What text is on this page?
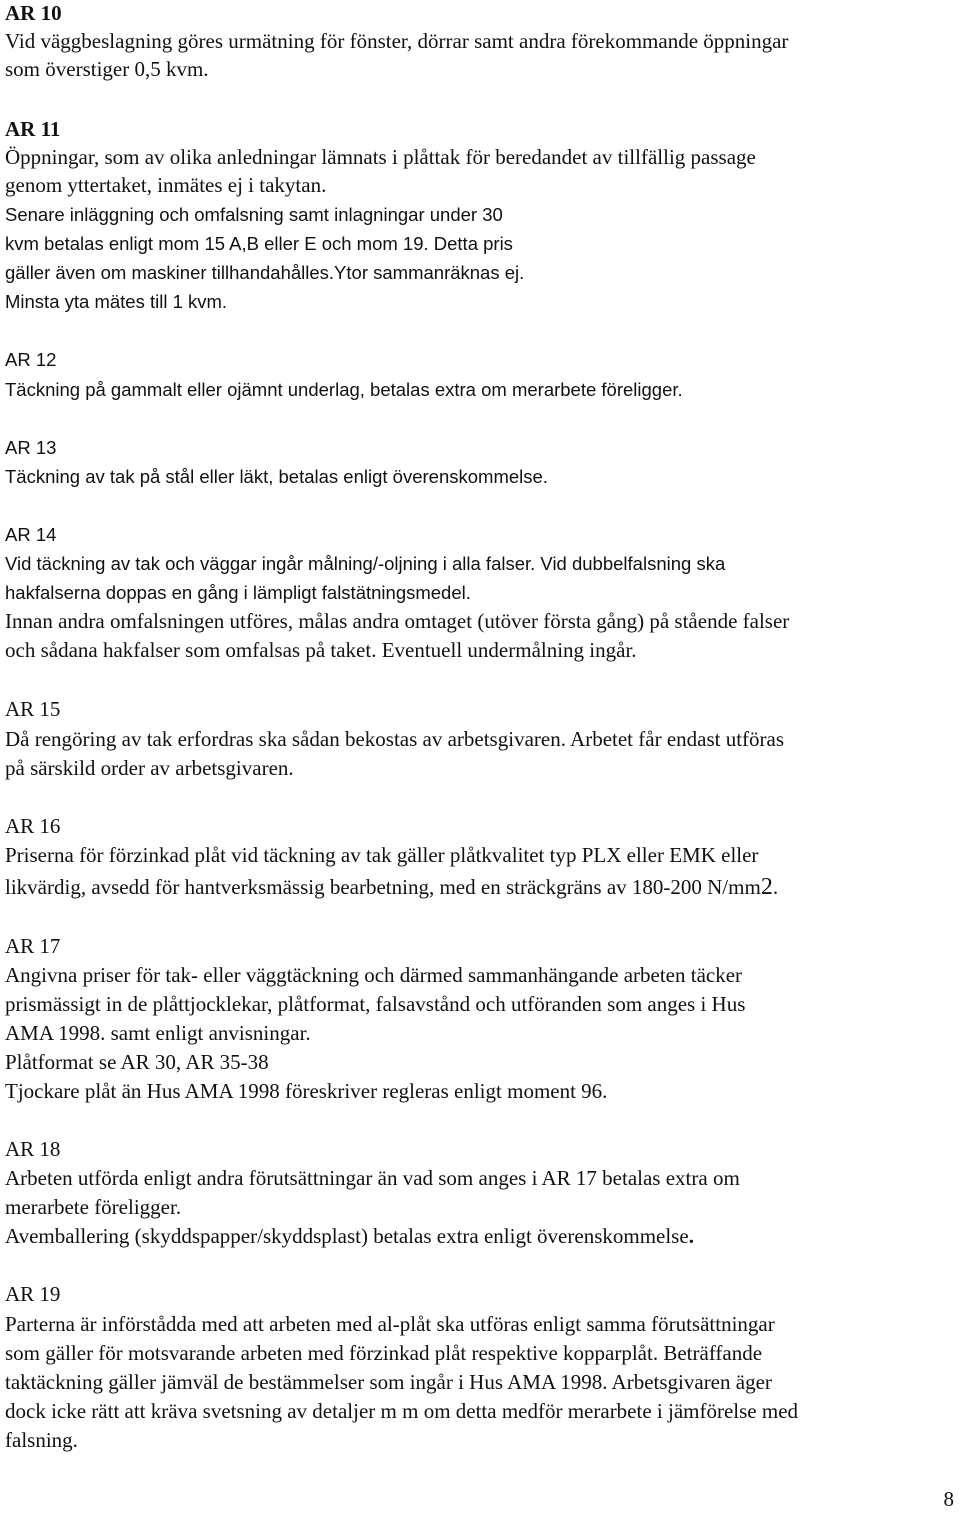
AR 10

Vid väggbeslagning göres urmätning för fönster, dörrar samt andra förekommande öppningar

som överstiger 0,5 kvm.

AR 11

Öppningar, som av olika anledningar lämnats i plåttak för beredandet av tillfällig passage

genom yttertaket, inmätes ej i takytan.

Senare inläggning och omfalsning samt inlagningar under 30

kvm betalas enligt mom 15 A,B eller E och mom 19. Detta pris

gäller även om maskiner tillhandahålles.Ytor sammanräknas ej.

Minsta yta mätes till 1 kvm.

AR 12

Täckning på gammalt eller ojämnt underlag, betalas extra om merarbete föreligger.

AR 13

Täckning av tak på stål eller läkt, betalas enligt överenskommelse.

AR 14

Vid täckning av tak och väggar ingår målning/-oljning i alla falser. Vid dubbelfalsning ska

hakfalserna doppas en gång i lämpligt falstätningsmedel.

Innan andra omfalsningen utföres, målas andra omtaget (utöver första gång) på stående falser

och sådana hakfalser som omfalsas på taket. Eventuell undermålning ingår.

AR 15

Då rengöring av tak erfordras ska sådan bekostas av arbetsgivaren. Arbetet får endast utföras

på särskild order av arbetsgivaren.

AR 16

Priserna för förzinkad plåt vid täckning av tak gäller plåtkvalitet typ PLX eller EMK eller

likvärdig, avsedd för hantverksmässig bearbetning, med en sträckgräns av 180-200 N/mm2.

AR 17

Angivna priser för tak- eller väggtäckning och därmed sammanhängande arbeten täcker

prismässigt in de plåttjocklekar, plåtformat, falsavstånd och utföranden som anges i Hus

AMA 1998. samt enligt anvisningar.

Plåtformat se AR 30, AR 35-38

Tjockare plåt än Hus AMA 1998 föreskriver regleras enligt moment 96.

AR 18

Arbeten utförda enligt andra förutsättningar än vad som anges i AR 17 betalas extra om

merarbete föreligger.

Avemballering (skyddspapper/skyddsplast) betalas extra enligt överenskommelse.

AR 19

Parterna är införstådda med att arbeten med al-plåt ska utföras enligt samma förutsättningar

som gäller för motsvarande arbeten med förzinkad plåt respektive kopparplåt. Beträffande

taktäckning gäller jämväl de bestämmelser som ingår i Hus AMA 1998. Arbetsgivaren äger

dock icke rätt att kräva svetsning av detaljer m m om detta medför merarbete i jämförelse med

falsning.

8
